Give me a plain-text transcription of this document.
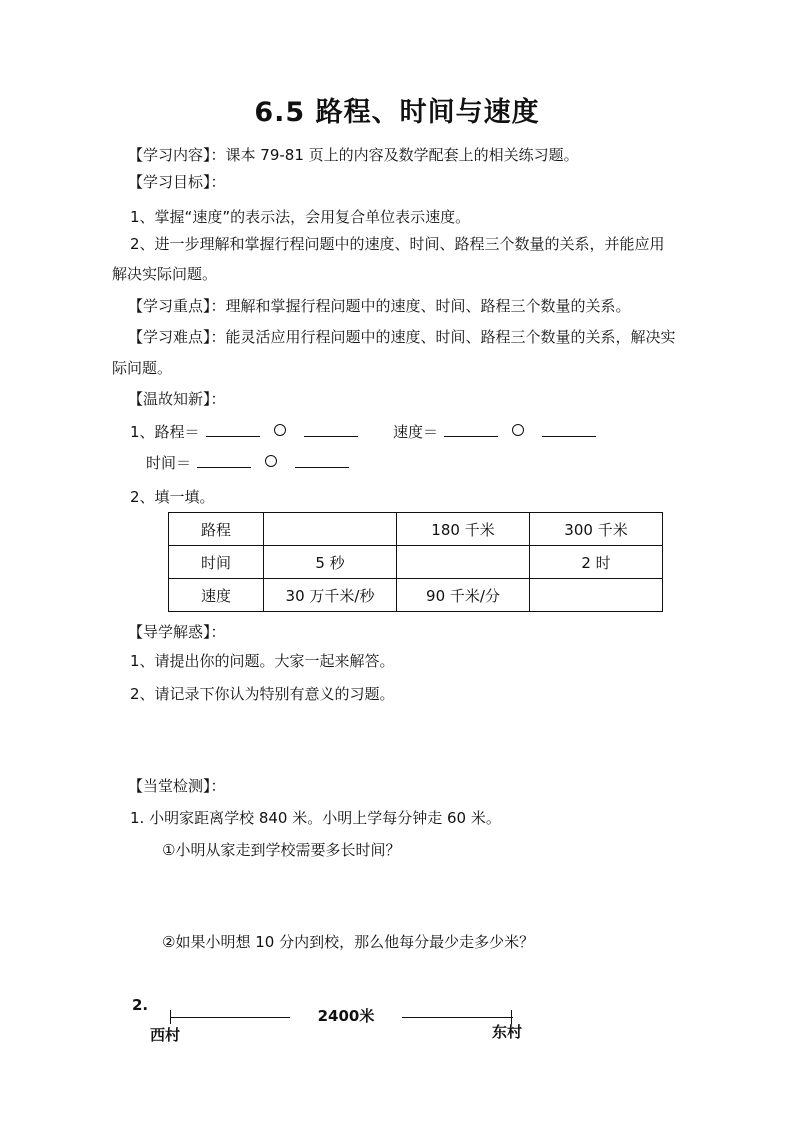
6.5 路程、时间与速度
【学习内容】：课本 79-81 页上的内容及数学配套上的相关练习题。
【学习目标】：
1、掌握“速度”的表示法，会用复合单位表示速度。
2、进一步理解和掌握行程问题中的速度、时间、路程三个数量的关系，并能应用
解决实际问题。
【学习重点】：理解和掌握行程问题中的速度、时间、路程三个数量的关系。
【学习难点】：能灵活应用行程问题中的速度、时间、路程三个数量的关系，解决实
际问题。
【温故知新】：
1、路程＝	速度＝
时间＝
2、填一填。
路程		180 千米	300 千米
时间	5 秒		2 时
速度	30 万千米/秒	90 千米/分	
【导学解惑】：
1、请提出你的问题。大家一起来解答。
2、请记录下你认为特别有意义的习题。
【当堂检测】：
1. 小明家距离学校 840 米。小明上学每分钟走 60 米。
①小明从家走到学校需要多长时间？
②如果小明想 10 分内到校，那么他每分最少走多少米？
2.
2400米
西村	东村
